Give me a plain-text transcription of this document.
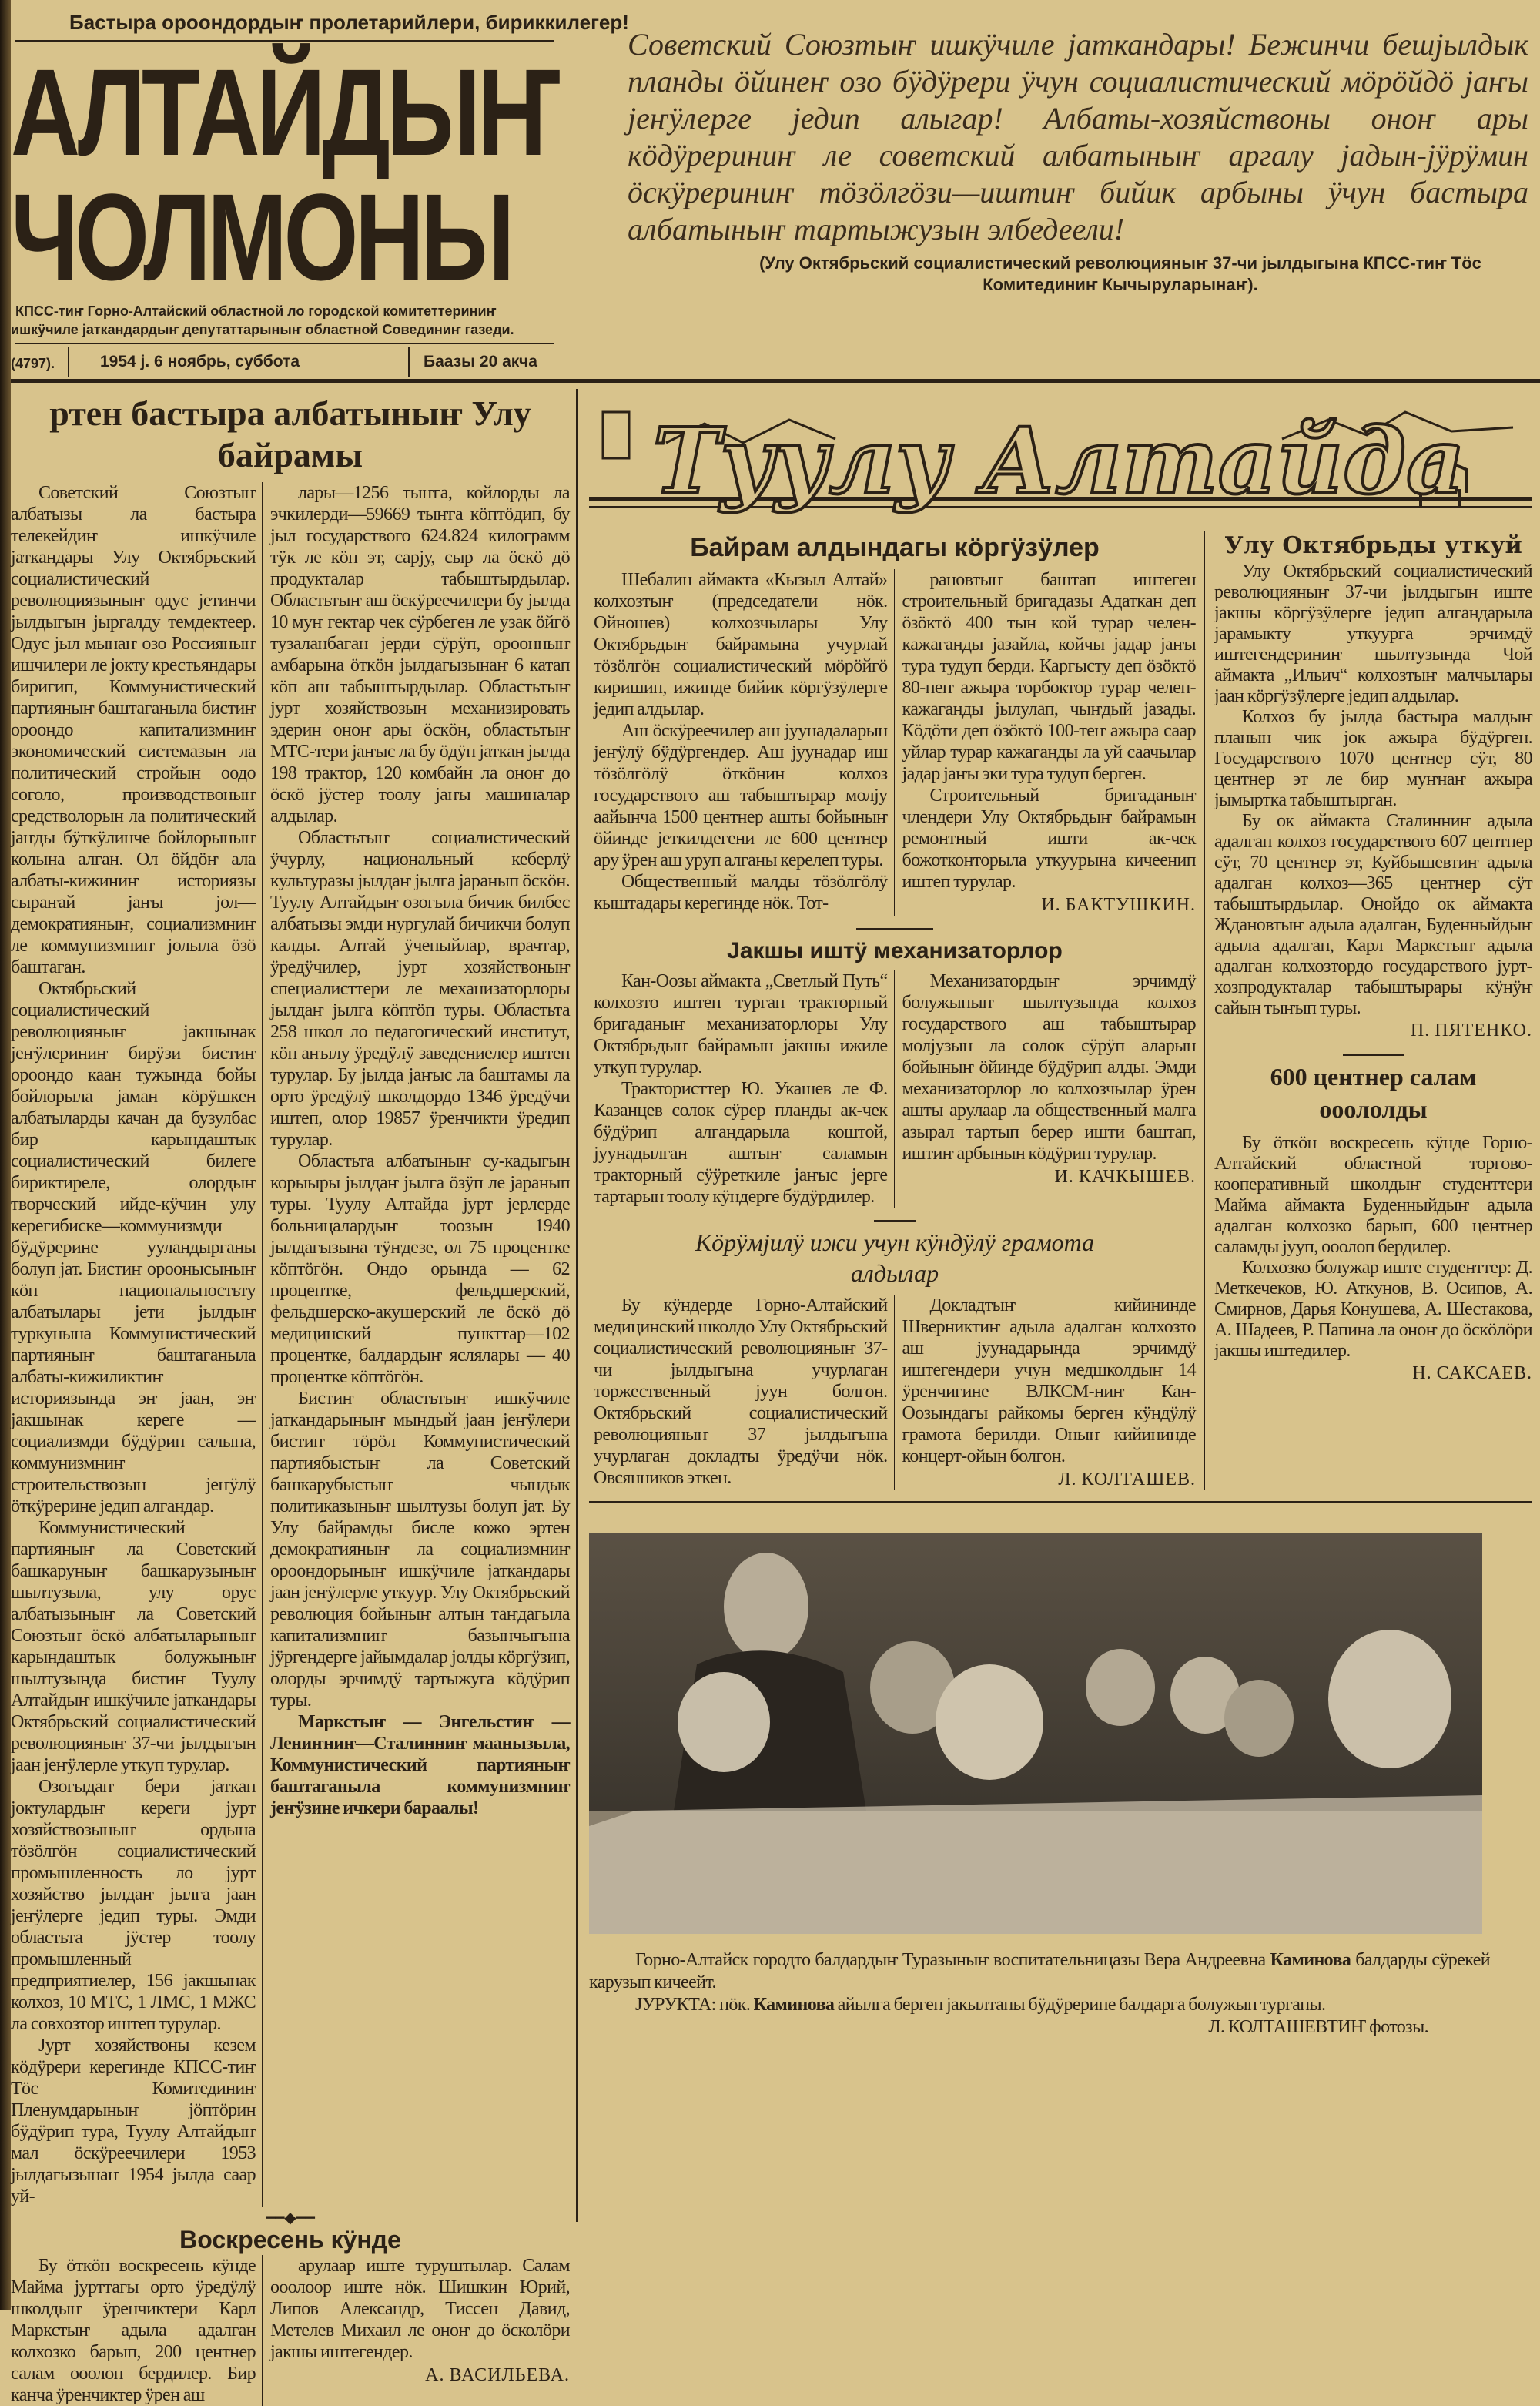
Бастыра ороондордыҥ пролетарийлери, бириккилегер!
АЛТАЙДЫҤ
ЧОЛМОНЫ
КПСС-тиҥ Горно-Алтайский областной ло городской комитеттериниҥ
ишкӱчиле јаткандардыҥ депутаттарыныҥ областной Совединиҥ газеди.
(4797).	1954 ј. 6 ноябрь, суббота	Баазы 20 акча

Советский Союзтыҥ ишкӱчиле јаткандары! Бежинчи бешјылдык планды ӧйинеҥ озо бӱдӱрери ӱчун социалистический мӧрӧйдӧ јаҥы јеҥӱлерге једип алыгар! Албаты-хозяйствоны оноҥ ары кӧдӱрериниҥ ле советский албатыныҥ аргалу јадын-јӱрӱмин ӧскӱрериниҥ тӧзӧлгӧзи—иштиҥ бийик арбыны ӱчун бастыра албатыныҥ тартыжузын элбедеели!

(Улу Октябрьский социалистический революцияныҥ 37-чи јылдыгына КПСС-тиҥ Тӧс Комитединиҥ Кычыруларынаҥ).
ртен бастыра албатыныҥ Улу байрамы

Советский Союзтыҥ албатызы ла бастыра телекейдиҥ ишкӱчиле јаткандары Улу Октябрьский социалистический революциязыныҥ одус јетинчи јылдыгын јыргалду темдектеер. Одус јыл мынаҥ озо Россияныҥ ишчилери ле јокту крестьяндары биригип, Коммунистический партияныҥ баштаганыла бистиҥ ороондо капитализмниҥ экономический системазын ла политический стройын оодо соголо, производствоныҥ средстволорын ла политический јаҥды бӱткӱлинче бойлорыныҥ колына алган. Ол ӧйдӧҥ ала албаты-кижиниҥ историязы сыраҥай јаҥы јол—демократияныҥ, социализмниҥ ле коммунизмниҥ јолыла ӧзӧ баштаган.

Октябрьский социалистический революцияныҥ јакшынак јеҥӱлериниҥ бирӱзи бистиҥ ороондо каан тужында бойы бойлорыла јаман кӧрӱшкен албатыларды качан да бузулбас бир карындаштык социалистический билеге бириктиреле, олордыҥ творческий ийде-кӱчин улу керегибиске—коммунизмди бӱдӱрерине ууландырганы болуп јат. Бистиҥ ороонысыныҥ кӧп национальностьту албатылары јети јылдыҥ туркунына Коммунистический партияныҥ баштаганыла албаты-кижиликтиҥ историязында эҥ јаан, эҥ јакшынак кереге — социализмди бӱдӱрип салына, коммунизмниҥ строительствозын јеҥӱлӱ ӧткӱрерине једип алгандар.

Коммунистический партияныҥ ла Советский башкаруныҥ башкарузыныҥ шылтузыла, улу орус албатызыныҥ ла Советский Союзтыҥ ӧскӧ албатыларыныҥ карындаштык болужыныҥ шылтузында бистиҥ Туулу Алтайдыҥ ишкӱчиле јаткандары Октябрьский социалистический революцияныҥ 37-чи јылдыгын јаан јеҥӱлерле уткуп турулар.

Озогыдаҥ бери јаткан јоктулардыҥ кереги јурт хозяйствозыныҥ ордына тӧзӧлгӧн социалистический промышленность ло јурт хозяйство јылдаҥ јылга јаан јеҥӱлерге једип туры. Эмди областьта јӱстер тоолу промышленный предприятиелер, 156 јакшынак колхоз, 10 МТС, 1 ЛМС, 1 МЖС ла совхозтор иштеп турулар.

Јурт хозяйствоны кезем кӧдӱрери керегинде КПСС-тиҥ Тӧс Комитединиҥ Пленумдарыныҥ јӧптӧрин бӱдӱрип тура, Туулу Алтайдыҥ мал ӧскӱреечилери 1953 јылдагызынаҥ 1954 јылда саар уй-

лары—1256 тыҥга, койлорды ла эчкилерди—59669 тыҥга кӧптӧдип, бу јыл государствого 624.824 килограмм тӱк ле кӧп эт, сарју, сыр ла ӧскӧ дӧ продукталар табыштырдылар. Областьтыҥ аш ӧскӱреечилери бу јылда 10 муҥ гектар чек сӱрбеген ле узак ӧйгӧ тузаланбаган јерди сӱрӱп, ороонныҥ амбарына ӧткӧн јылдагызынаҥ 6 катап кӧп аш табыштырдылар. Областьтыҥ јурт хозяйствозын механизировать эдерин оноҥ ары ӧскӧн, областьтыҥ МТС-тери јаҥыс ла бу ӧдӱп јаткан јылда 198 трактор, 120 комбайн ла оноҥ до ӧскӧ јӱстер тоолу јаҥы машиналар алдылар.

Областьтыҥ социалистический ӱчурлу, национальный кеберлӱ культуразы јылдаҥ јылга јаранып ӧскӧн. Туулу Алтайдыҥ озогыла бичик билбес албатызы эмди нургулай бичикчи болуп калды. Алтай ӱченыйлар, врачтар, ӱредӱчилер, јурт хозяйствоныҥ специалисттери ле механизаторлоры јылдаҥ јылга кӧптӧп туры. Областьта 258 школ ло педагогический институт, кӧп аҥылу ӱредӱлӱ заведениелер иштеп турулар. Бу јылда јаҥыс ла баштамы ла орто ӱредӱлӱ школдордо 1346 ӱредӱчи иштеп, олор 19857 ӱренчикти ӱредип турулар.

Областьта албатыныҥ су-кадыгын корыыры јылдаҥ јылга ӧзӱп ле јаранып туры. Туулу Алтайда јурт јерлерде больницалардыҥ тоозын 1940 јылдагызына тӱҥдезе, ол 75 процентке кӧптӧгӧн. Ондо орында — 62 процентке, фельдшерский, фельдшерско-акушерский ле ӧскӧ дӧ медицинский пункттар—102 процентке, балдардыҥ яслялары — 40 процентке кӧптӧгӧн.

Бистиҥ областьтыҥ ишкӱчиле јаткандарыныҥ мындый јаан јеҥӱлери бистиҥ тӧрӧл Коммунистический партиябыстыҥ ла Советский башкарубыстыҥ чындык политиказыныҥ шылтузы болуп јат. Бу Улу байрамды бисле кожо эртен демократияныҥ ла социализмниҥ ороондорыныҥ ишкӱчиле јаткандары јаан јеҥӱлерле уткуур. Улу Октябрьский революция бойыныҥ алтын таҥдагыла капитализмниҥ базынчыгына јӱргендерге јайымдалар јолды кӧргӱзип, олорды эрчимдӱ тартыжуга кӧдӱрип туры.

Маркстыҥ — Энгельстиҥ — Лениҥниҥ—Сталинниҥ маанызыла, Коммунистический партияныҥ баштаганыла коммунизмниҥ јеҥӱзине ичкери бараалы!

━━◆━━
Воскресень кӱнде

Бу ӧткӧн воскресень кӱнде Майма јурттагы орто ӱредӱлӱ школдыҥ ӱренчиктери Карл Маркстыҥ адыла адалган колхозко барып, 200 центнер салам ооолоп бердилер. Бир канча ӱренчиктер ӱрен аш

арулаар иште туруштылар. Салам ооолоор иште нӧк. Шишкин Юрий, Липов Александр, Тиссен Давид, Метелев Михаил ле оноҥ до ӧсколӧри јакшы иштегендер.

А. ВАСИЛЬЕВА.
Туулу Алтайда
Байрам алдындагы кӧргӱзӱлер

Шебалин аймакта «Кызыл Алтай» колхозтыҥ (председатели нӧк. Ойношев) колхозчылары Улу Октябрьдыҥ байрамына учурлай тӧзӧлгӧн социалистический мӧрӧйгӧ киришип, ижинде бийик кӧргӱзӱлерге једип алдылар.

Аш ӧскӱреечилер аш јуунадаларын јеҥӱлӱ бӱдӱргендер. Аш јуунадар иш тӧзӧлгӧлӱ ӧткӧнин колхоз государствого аш табыштырар молју аайынча 1500 центнер ашты бойыныҥ ӧйинде јеткилдегени ле 600 центнер ару ӱрен аш уруп алганы керелеп туры.

Общественный малды тӧзӧлгӧлӱ кыштадары керегинде нӧк. Тот-

рановтыҥ баштап иштеген строительный бригадазы Адаткан деп ӧзӧктӧ 400 тын кой турар челен-кажаганды јазайла, койчы јадар јаҥы тура тудуп берди. Каргысту деп ӧзӧктӧ 80-неҥ ажыра торбоктор турар челен-кажаганды јылулап, чыҥдый јазады. Кӧдӧти деп ӧзӧктӧ 100-теҥ ажыра саар уйлар турар кажаганды ла уй саачылар јадар јаҥы эки тура тудуп берген.

Строительный бригаданыҥ члендери Улу Октябрьдыҥ байрамын ремонтный ишти ак-чек божотконторыла уткуурына кичеенип иштеп турулар.

И. БАКТУШКИН.
Јакшы иштӱ механизаторлор

Кан-Оозы аймакта „Светлый Путь“ колхозто иштеп турган тракторный бригаданыҥ механизаторлоры Улу Октябрьдыҥ байрамын јакшы ижиле уткуп турулар.

Трактористтер Ю. Укашев ле Ф. Казанцев солок сӱрер планды ак-чек бӱдӱрип алгандарыла коштой, јуунадылган аштыҥ саламын тракторный сӱӱреткиле јаҥыс јерге тартарын тоолу кӱндерге бӱдӱрдилер.

Механизатордыҥ эрчимдӱ болужыныҥ шылтузында колхоз государствого аш табыштырар молјузын ла солок сӱрӱп аларын бойыныҥ ӧйинде бӱдӱрип алды. Эмди механизаторлор ло колхозчылар ӱрен ашты арулаар ла общественный малга азырал тартып берер ишти баштап, иштиҥ арбынын кӧдӱрип турулар.

И. КАЧКЫШЕВ.
Кӧрӱмјилӱ ижи учун кӱндӱлӱ грамота алдылар

Бу кӱндерде Горно-Алтайский медицинский школдо Улу Октябрьский социалистический революцияныҥ 37-чи јылдыгына учурлаган торжественный јуун болгон. Октябрьский социалистический революцияныҥ 37 јылдыгына учурлаган докладты ӱредӱчи нӧк. Овсянников эткен.

Докладтыҥ кийининде Шверниктиҥ адыла адалган колхозто аш јуунадарында эрчимдӱ иштегендери учун медшколдыҥ 14 ӱренчигине ВЛКСМ-ниҥ Кан-Оозындагы райкомы берген кӱндӱлӱ грамота берилди. Оныҥ кийининде концерт-ойын болгон.

Л. КОЛТАШЕВ.
Улу Октябрьды уткуй

Улу Октябрьский социалистический революцияныҥ 37-чи јылдыгын иште јакшы кӧргӱзӱлерге једип алгандарыла јарамыкту уткуурга эрчимдӱ иштегендериниҥ шылтузында Чой аймакта „Ильич“ колхозтыҥ малчылары јаан кӧргӱзӱлерге једип алдылар.

Колхоз бу јылда бастыра малдыҥ планын чик јок ажыра бӱдӱрген. Государствого 1070 центнер сӱт, 80 центнер эт ле бир муҥнаҥ ажыра јымыртка табыштырган.

Бу ок аймакта Сталинниҥ адыла адалган колхоз государствого 607 центнер сӱт, 70 центнер эт, Куйбышевтиҥ адыла адалган колхоз—365 центнер сӱт табыштырдылар. Онойдо ок аймакта Ждановтыҥ адыла адалган, Буденныйдыҥ адыла адалган, Карл Маркстыҥ адыла адалган колхозтордо государствого јурт-хозпродукталар табыштырары кӱнӱҥ сайын тыҥып туры.

П. ПЯТЕНКО.
600 центнер салам ооололды

Бу ӧткӧн воскресень кӱнде Горно-Алтайский областной торгово-кооперативный школдыҥ студенттери Майма аймакта Буденныйдыҥ адыла адалган колхозко барып, 600 центнер саламды јууп, ооолоп бердилер.

Колхозко болужар иште студенттер: Д. Меткечеков, Ю. Аткунов, В. Осипов, А. Смирнов, Дарья Конушева, А. Шестакова, А. Шадеев, Р. Папина ла оноҥ до ӧскӧлӧри јакшы иштедилер.

Н. САКСАЕВ.
Горно-Алтайск городто балдардыҥ Туразыныҥ воспитательницазы Вера Андреевна Каминова балдарды сӱрекей карузып кичеейт.
ЈУРУКТА: нӧк. Каминова айылга берген јакылтаны бӱдӱрерине балдарга болужып турганы.
Л. КОЛТАШЕВТИҤ фотозы.
